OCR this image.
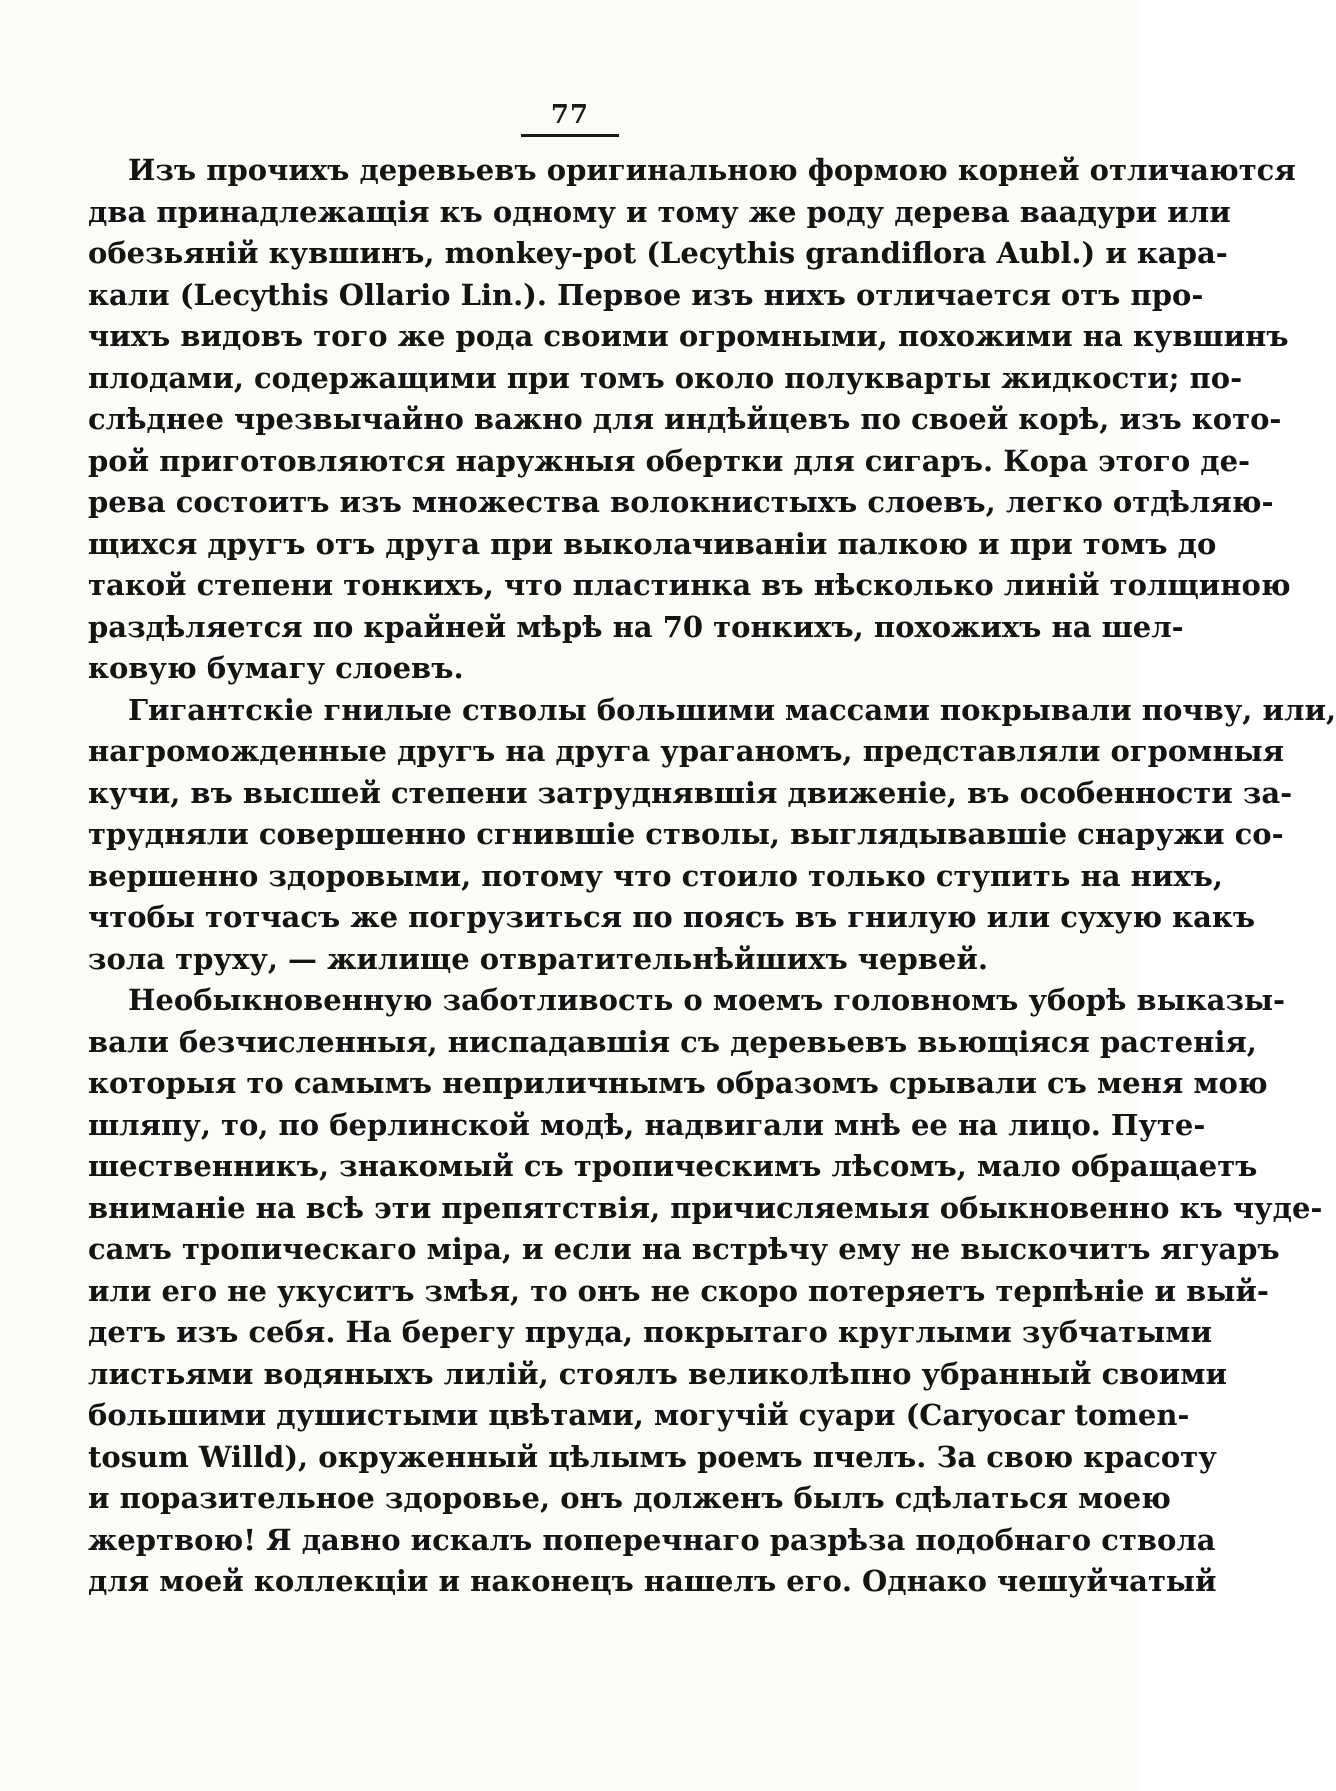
77
Изъ прочихъ деревьевъ оригинальною формою корней отличаются
два принадлежащія къ одному и тому же роду дерева ваадури или
обезьяній кувшинъ, monkey-pot (Lecythis grandiflora Aubl.) и кара-
кали (Lecythis Ollario Lin.). Первое изъ нихъ отличается отъ про-
чихъ видовъ того же рода своими огромными, похожими на кувшинъ
плодами, содержащими при томъ около полукварты жидкости; по-
слѣднее чрезвычайно важно для индѣйцевъ по своей корѣ, изъ кото-
рой приготовляются наружныя обертки для сигаръ. Кора этого де-
рева состоитъ изъ множества волокнистыхъ слоевъ, легко отдѣляю-
щихся другъ отъ друга при выколачиваніи палкою и при томъ до
такой степени тонкихъ, что пластинка въ нѣсколько линій толщиною
раздѣляется по крайней мѣрѣ на 70 тонкихъ, похожихъ на шел-
ковую бумагу слоевъ.
Гигантскіе гнилые стволы большими массами покрывали почву, или,
нагроможденные другъ на друга ураганомъ, представляли огромныя
кучи, въ высшей степени затруднявшія движеніе, въ особенности за-
трудняли совершенно сгнившіе стволы, выглядывавшіе снаружи со-
вершенно здоровыми, потому что стоило только ступить на нихъ,
чтобы тотчасъ же погрузиться по поясъ въ гнилую или сухую какъ
зола труху, — жилище отвратительнѣйшихъ червей.
Необыкновенную заботливость о моемъ головномъ уборѣ выказы-
вали безчисленныя, ниспадавшія съ деревьевъ вьющіяся растенія,
которыя то самымъ неприличнымъ образомъ срывали съ меня мою
шляпу, то, по берлинской модѣ, надвигали мнѣ ее на лицо. Путе-
шественникъ, знакомый съ тропическимъ лѣсомъ, мало обращаетъ
вниманіе на всѣ эти препятствія, причисляемыя обыкновенно къ чуде-
самъ тропическаго міра, и если на встрѣчу ему не выскочитъ ягуаръ
или его не укуситъ змѣя, то онъ не скоро потеряетъ терпѣніе и вый-
детъ изъ себя. На берегу пруда, покрытаго круглыми зубчатыми
листьями водяныхъ лилій, стоялъ великолѣпно убранный своими
большими душистыми цвѣтами, могучій суари (Caryocar tomen-
tosum Willd), окруженный цѣлымъ роемъ пчелъ. За свою красоту
и поразительное здоровье, онъ долженъ былъ сдѣлаться моею
жертвою! Я давно искалъ поперечнаго разрѣза подобнаго ствола
для моей коллекціи и наконецъ нашелъ его. Однако чешуйчатый
